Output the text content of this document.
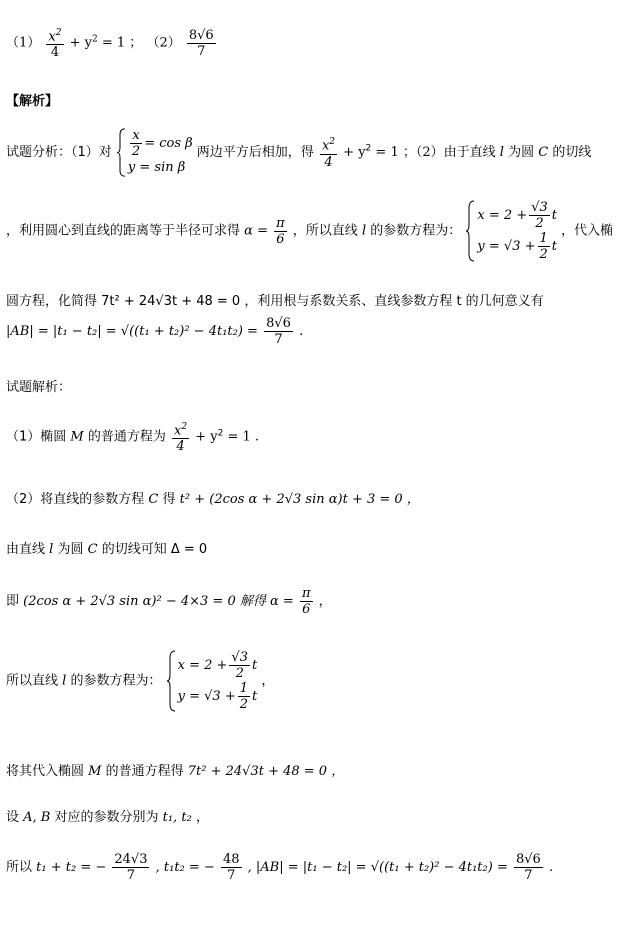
$(1) \frac{x^2}{4} + y^2 = 1$ ； $(2) \frac{8√6}{7}$
【解析】
试题分析：（1）对 $\frac{x}{2} = \cos \beta$
y = sin β
两边平方后相加，得 $\frac{x^2}{4} + y^2 = 1$ ；（2）由于直线 l 为圆 C 的切线
，利用圆心到直线的距离等于半径可求得 $\alpha = \frac{\pi}{6}$ ，所以直线 l 的参数方程为：
$x = 2 + \frac{√3}{2}$ t
$y = √3 + \frac{1}{2}$ t
，代入椭
圆方程，化简得 7t² + 24√3t + 48 = 0 ，利用根与系数关系、直线参数方程 t 的几何意义有
$|AB| = |t_1 - t_2| = √((t_1 + t_2)^2 - 4t_1t_2) = \frac{8√6}{7}$ .
试题解析：
（1）椭圆 M 的普通方程为 $\frac{x^2}{4} + y^2 = 1$ .
（2）将直线的参数方程 C 得 t² + (2cos α + 2√3 sin α)t + 3 = 0 ，
由直线 l 为圆 C 的切线可知 Δ = 0
即 (2cos α + 2√3 sin α)² − 4×3 = 0 解得 $\alpha = \frac{\pi}{6}$ ，
所以直线 l 的参数方程为：
$x = 2 + \frac{√3}{2}$ t
$y = √3 + \frac{1}{2}$ t
，
将其代入椭圆 M 的普通方程得 7t² + 24√3t + 48 = 0 ，
设 A, B 对应的参数分别为 t₁, t₂ ，
所以 t₁ + t₂ = − $\frac{24√3}{7}$ , t₁t₂ = − $\frac{48}{7}$ , $|AB| = |t_1 - t_2| = √((t_1 + t_2)^2 - 4t_1t_2) = \frac{8√6}{7}$ .
